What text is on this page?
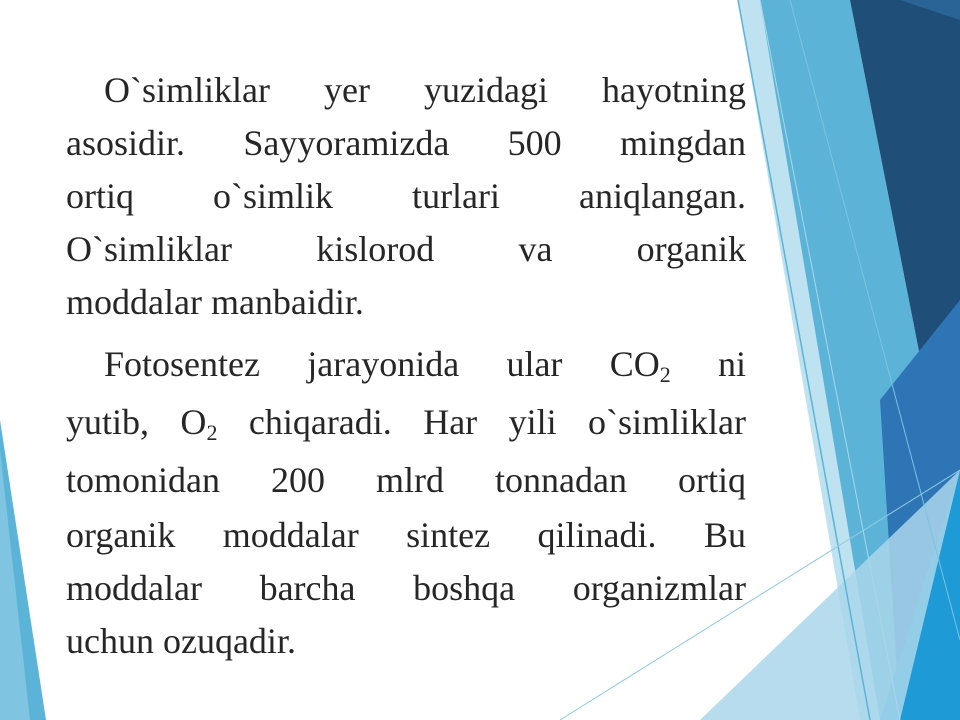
O`simliklar yer yuzidagi hayotning
asosidir. Sayyoramizda 500 mingdan
ortiq o`simlik turlari aniqlangan.
O`simliklar kislorod va organik
moddalar manbaidir.

Fotosentez jarayonida ular $CO_2$ ni
yutib, $O_2$ chiqaradi. Har yili o`simliklar
tomonidan 200 mlrd tonnadan ortiq
organik moddalar sintez qilinadi. Bu
moddalar barcha boshqa organizmlar
uchun ozuqadir.
